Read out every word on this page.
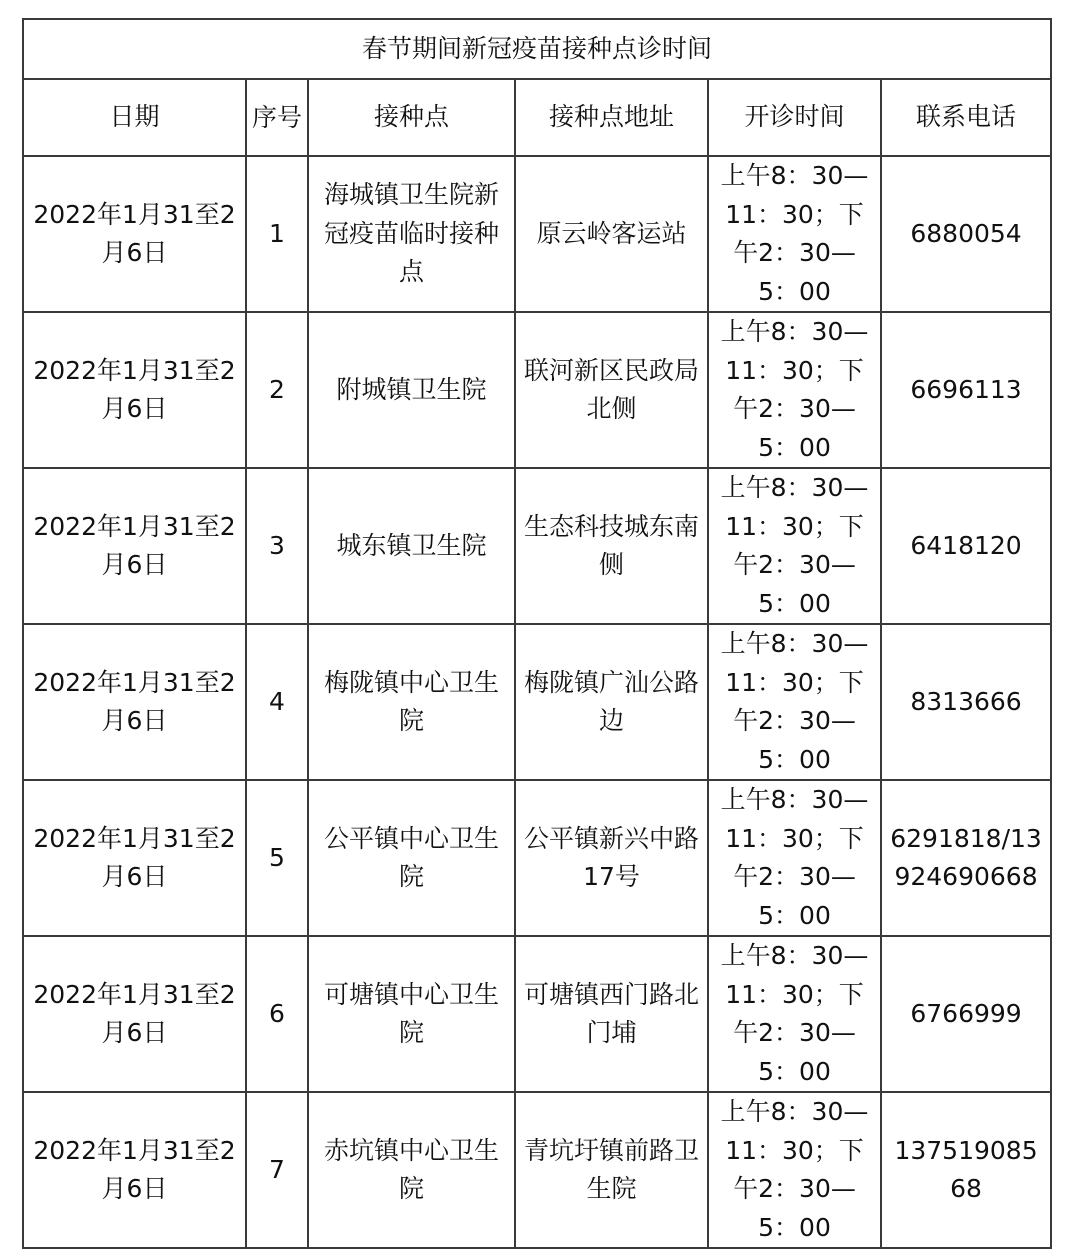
春节期间新冠疫苗接种点诊时间					
日期	序号	接种点	接种点地址	开诊时间	联系电话
2022年1月31至2月6日	1	海城镇卫生院新冠疫苗临时接种点	原云岭客运站	上午8：30—11：30；下午2：30—5：00	6880054
2022年1月31至2月6日	2	附城镇卫生院	联河新区民政局北侧	上午8：30—11：30；下午2：30—5：00	6696113
2022年1月31至2月6日	3	城东镇卫生院	生态科技城东南侧	上午8：30—11：30；下午2：30—5：00	6418120
2022年1月31至2月6日	4	梅陇镇中心卫生院	梅陇镇广汕公路边	上午8：30—11：30；下午2：30—5：00	8313666
2022年1月31至2月6日	5	公平镇中心卫生院	公平镇新兴中路17号	上午8：30—11：30；下午2：30—5：00	6291818/13924690668
2022年1月31至2月6日	6	可塘镇中心卫生院	可塘镇西门路北门埔	上午8：30—11：30；下午2：30—5：00	6766999
2022年1月31至2月6日	7	赤坑镇中心卫生院	青坑圩镇前路卫生院	上午8：30—11：30；下午2：30—5：00	13751908568
